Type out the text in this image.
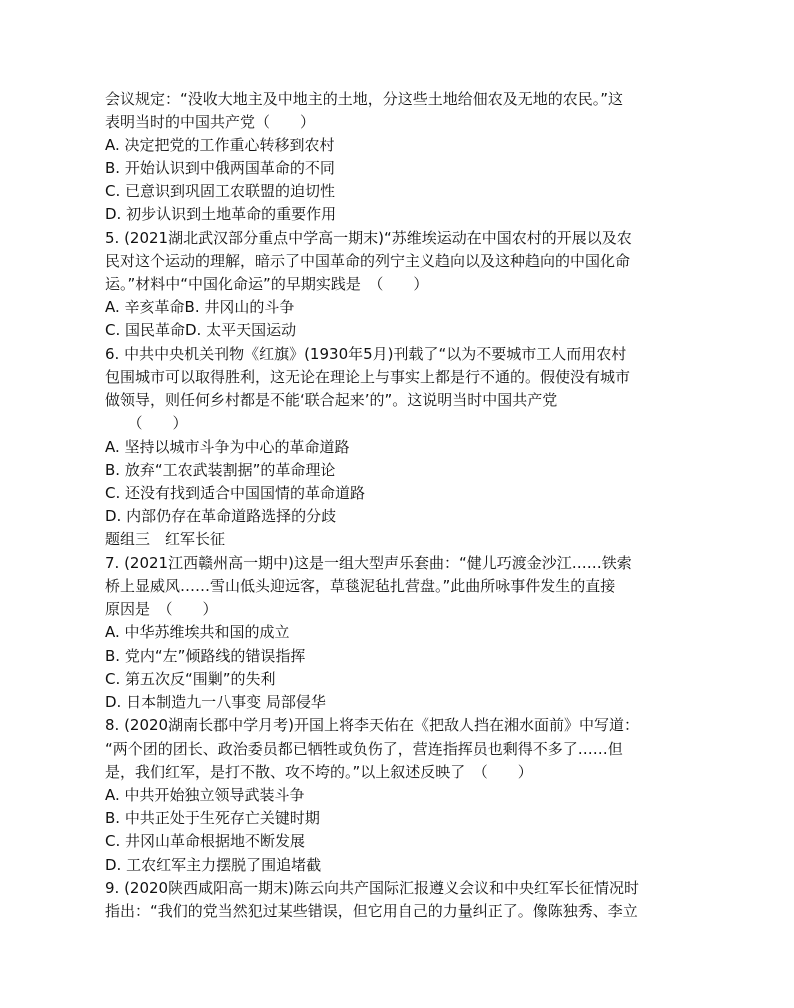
会议规定：“没收大地主及中地主的土地，分这些土地给佃农及无地的农民。”这
表明当时的中国共产党（　　）
A. 决定把党的工作重心转移到农村
B. 开始认识到中俄两国革命的不同
C. 已意识到巩固工农联盟的迫切性
D. 初步认识到土地革命的重要作用
5. (2021湖北武汉部分重点中学高一期末)“苏维埃运动在中国农村的开展以及农
民对这个运动的理解，暗示了中国革命的列宁主义趋向以及这种趋向的中国化命
运。”材料中“中国化命运”的早期实践是　（　　）
A. 辛亥革命B. 井冈山的斗争
C. 国民革命D. 太平天国运动
6. 中共中央机关刊物《红旗》(1930年5月)刊载了“以为不要城市工人而用农村
包围城市可以取得胜利，这无论在理论上与事实上都是行不通的。假使没有城市
做领导，则任何乡村都是不能‘联合起来’的”。这说明当时中国共产党
　　（　　）
A. 坚持以城市斗争为中心的革命道路
B. 放弃“工农武装割据”的革命理论
C. 还没有找到适合中国国情的革命道路
D. 内部仍存在革命道路选择的分歧
题组三　红军长征
7. (2021江西赣州高一期中)这是一组大型声乐套曲：“健儿巧渡金沙江……铁索
桥上显威风……雪山低头迎远客，草毯泥毡扎营盘。”此曲所咏事件发生的直接
原因是　（　　）
A. 中华苏维埃共和国的成立
B. 党内“左”倾路线的错误指挥
C. 第五次反“围剿”的失利
D. 日本制造九一八事变 局部侵华
8. (2020湖南长郡中学月考)开国上将李天佑在《把敌人挡在湘水面前》中写道：
“两个团的团长、政治委员都已牺牲或负伤了，营连指挥员也剩得不多了……但
是，我们红军，是打不散、攻不垮的。”以上叙述反映了　（　　）
A. 中共开始独立领导武装斗争
B. 中共正处于生死存亡关键时期
C. 井冈山革命根据地不断发展
D. 工农红军主力摆脱了围追堵截
9. (2020陕西咸阳高一期末)陈云向共产国际汇报遵义会议和中央红军长征情况时
指出：“我们的党当然犯过某些错误，但它用自己的力量纠正了。像陈独秀、李立
